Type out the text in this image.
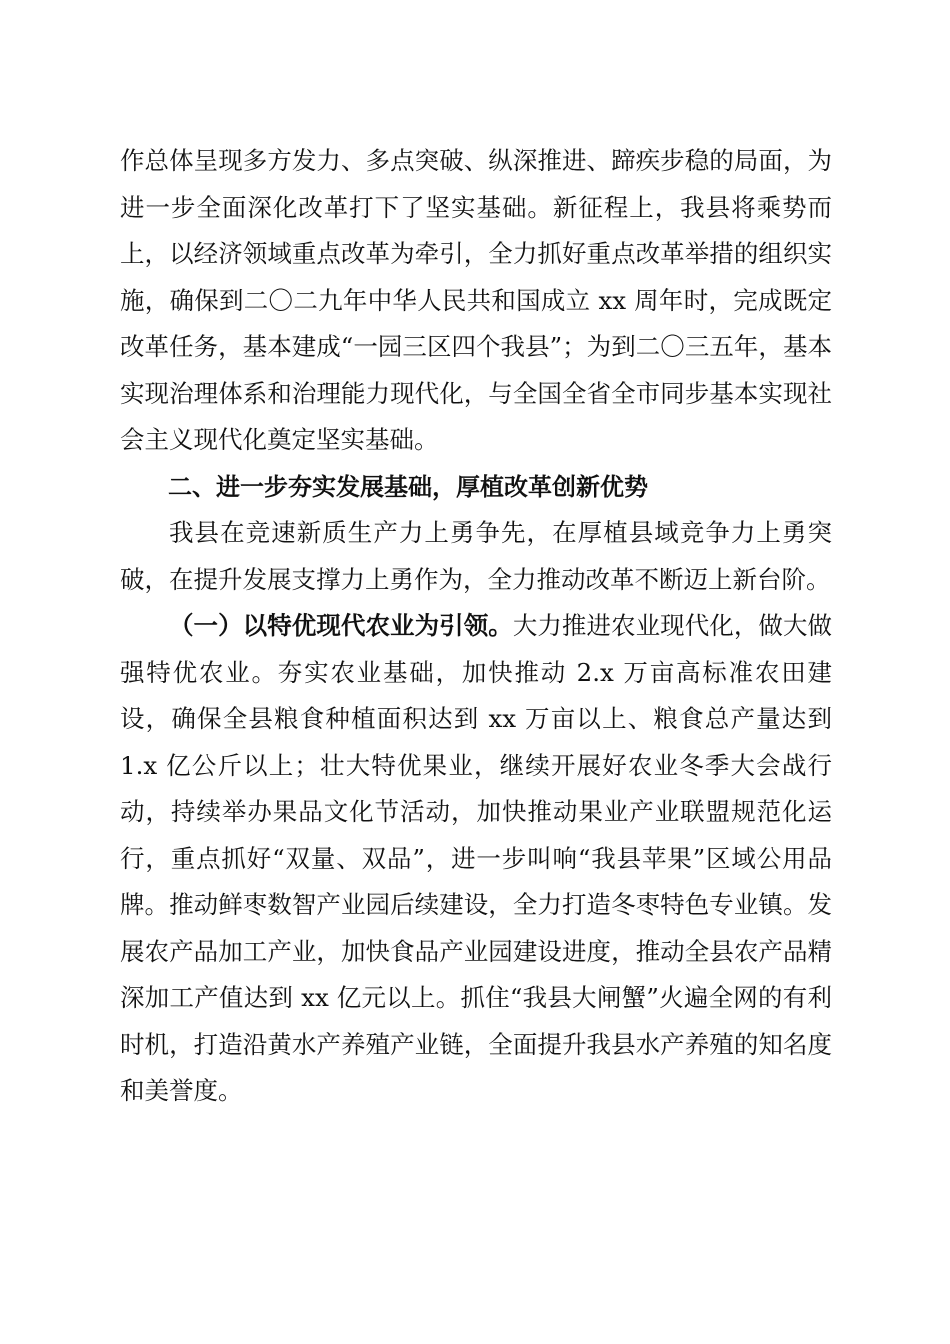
作总体呈现多方发力、多点突破、纵深推进、蹄疾步稳的局面，为进一步全面深化改革打下了坚实基础。新征程上，我县将乘势而上，以经济领域重点改革为牵引，全力抓好重点改革举措的组织实施，确保到二〇二九年中华人民共和国成立 xx 周年时，完成既定改革任务，基本建成“一园三区四个我县”；为到二〇三五年，基本实现治理体系和治理能力现代化，与全国全省全市同步基本实现社会主义现代化奠定坚实基础。

二、进一步夯实发展基础，厚植改革创新优势

我县在竞速新质生产力上勇争先，在厚植县域竞争力上勇突破，在提升发展支撑力上勇作为，全力推动改革不断迈上新台阶。

（一）以特优现代农业为引领。大力推进农业现代化，做大做强特优农业。夯实农业基础，加快推动 2.x 万亩高标准农田建设，确保全县粮食种植面积达到 xx 万亩以上、粮食总产量达到 1.x 亿公斤以上；壮大特优果业，继续开展好农业冬季大会战行动，持续举办果品文化节活动，加快推动果业产业联盟规范化运行，重点抓好“双量、双品”，进一步叫响“我县苹果”区域公用品牌。推动鲜枣数智产业园后续建设，全力打造冬枣特色专业镇。发展农产品加工产业，加快食品产业园建设进度，推动全县农产品精深加工产值达到 xx 亿元以上。抓住“我县大闸蟹”火遍全网的有利时机，打造沿黄水产养殖产业链，全面提升我县水产养殖的知名度和美誉度。
